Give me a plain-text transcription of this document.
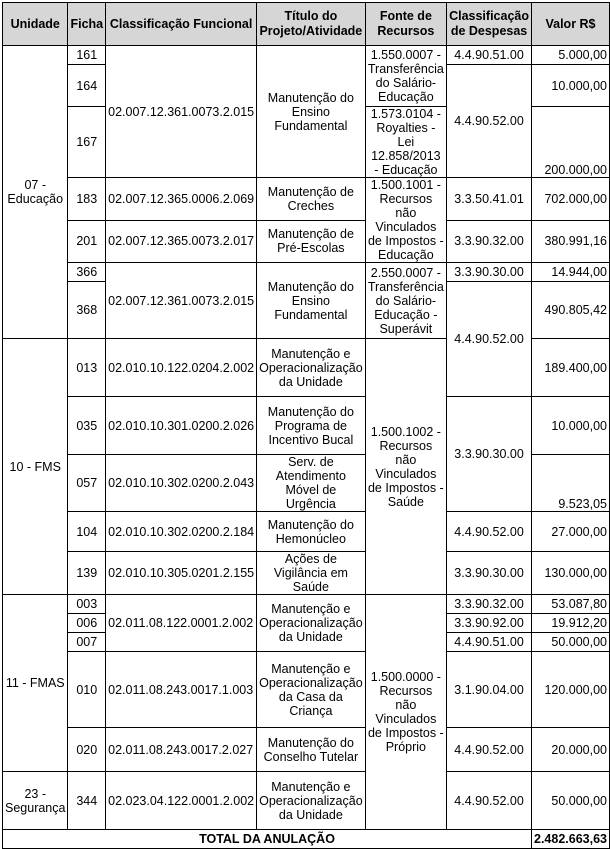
Unidade	Ficha	Classificação Funcional	Título do Projeto/Atividade	Fonte de Recursos	Classificação de Despesas	Valor R$
07 - Educação	161	02.007.12.361.0073.2.015	Manutenção do Ensino Fundamental	1.550.0007 - Transferência do Salário-Educação	4.4.90.51.00	5.000,00
	164				4.4.90.52.00	10.000,00
	167			1.573.0104 - Royalties - Lei 12.858/2013 - Educação		200.000,00
	183	02.007.12.365.0006.2.069	Manutenção de Creches	1.500.1001 - Recursos não Vinculados de Impostos - Educação	3.3.50.41.01	702.000,00
	201	02.007.12.365.0073.2.017	Manutenção de Pré-Escolas		3.3.90.32.00	380.991,16
	366	02.007.12.361.0073.2.015	Manutenção do Ensino Fundamental	2.550.0007 - Transferência do Salário-Educação - Superávit	3.3.90.30.00	14.944,00
	368				4.4.90.52.00	490.805,42
10 - FMS	013	02.010.10.122.0204.2.002	Manutenção e Operacionalização da Unidade	1.500.1002 - Recursos não Vinculados de Impostos - Saúde		189.400,00
	035	02.010.10.301.0200.2.026	Manutenção do Programa de Incentivo Bucal		3.3.90.30.00	10.000,00
	057	02.010.10.302.0200.2.043	Serv. de Atendimento Móvel de Urgência			9.523,05
	104	02.010.10.302.0200.2.184	Manutenção do Hemonúcleo		4.4.90.52.00	27.000,00
	139	02.010.10.305.0201.2.155	Ações de Vigilância em Saúde		3.3.90.30.00	130.000,00
11 - FMAS	003	02.011.08.122.0001.2.002	Manutenção e Operacionalização da Unidade	1.500.0000 - Recursos não Vinculados de Impostos - Próprio	3.3.90.32.00	53.087,80
	006				3.3.90.92.00	19.912,20
	007				4.4.90.51.00	50.000,00
	010	02.011.08.243.0017.1.003	Manutenção e Operacionalização da Casa da Criança		3.1.90.04.00	120.000,00
	020	02.011.08.243.0017.2.027	Manutenção do Conselho Tutelar		4.4.90.52.00	20.000,00
23 - Segurança	344	02.023.04.122.0001.2.002	Manutenção e Operacionalização da Unidade		4.4.90.52.00	50.000,00
TOTAL DA ANULAÇÃO						2.482.663,63
